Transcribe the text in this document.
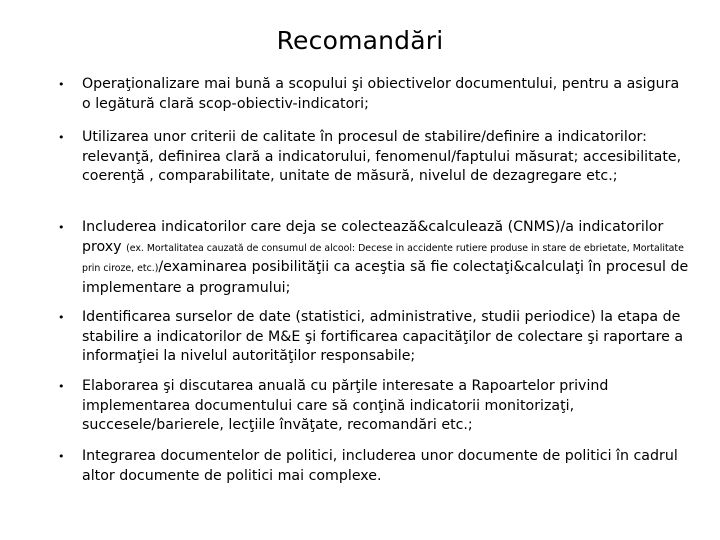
Recomandări
• Operaţionalizare mai bună a scopului şi obiectivelor documentului, pentru a asigura o legătură clară scop-obiectiv-indicatori;
• Utilizarea unor criterii de calitate în procesul de stabilire/definire a indicatorilor: relevanţă, definirea clară a indicatorului, fenomenul/faptului măsurat; accesibilitate, coerenţă , comparabilitate, unitate de măsură, nivelul de dezagregare etc.;
• Includerea indicatorilor care deja se colectează&calculează (CNMS)/a indicatorilor proxy (ex. Mortalitatea cauzată de consumul de alcool: Decese in accidente rutiere produse in stare de ebrietate, Mortalitate prin ciroze, etc.)/examinarea posibilităţii ca aceştia să fie colectaţi&calculaţi în procesul de implementare a programului;
• Identificarea surselor de date (statistici, administrative, studii periodice) la etapa de stabilire a indicatorilor de M&E şi fortificarea capacităţilor de colectare şi raportare a informaţiei la nivelul autorităţilor responsabile;
• Elaborarea şi discutarea anuală cu părţile interesate a Rapoartelor privind implementarea documentului care să conţină indicatorii monitorizaţi, succesele/barierele, lecţiile învăţate, recomandări etc.;
• Integrarea documentelor de politici, includerea unor documente de politici în cadrul altor documente de politici mai complexe.
